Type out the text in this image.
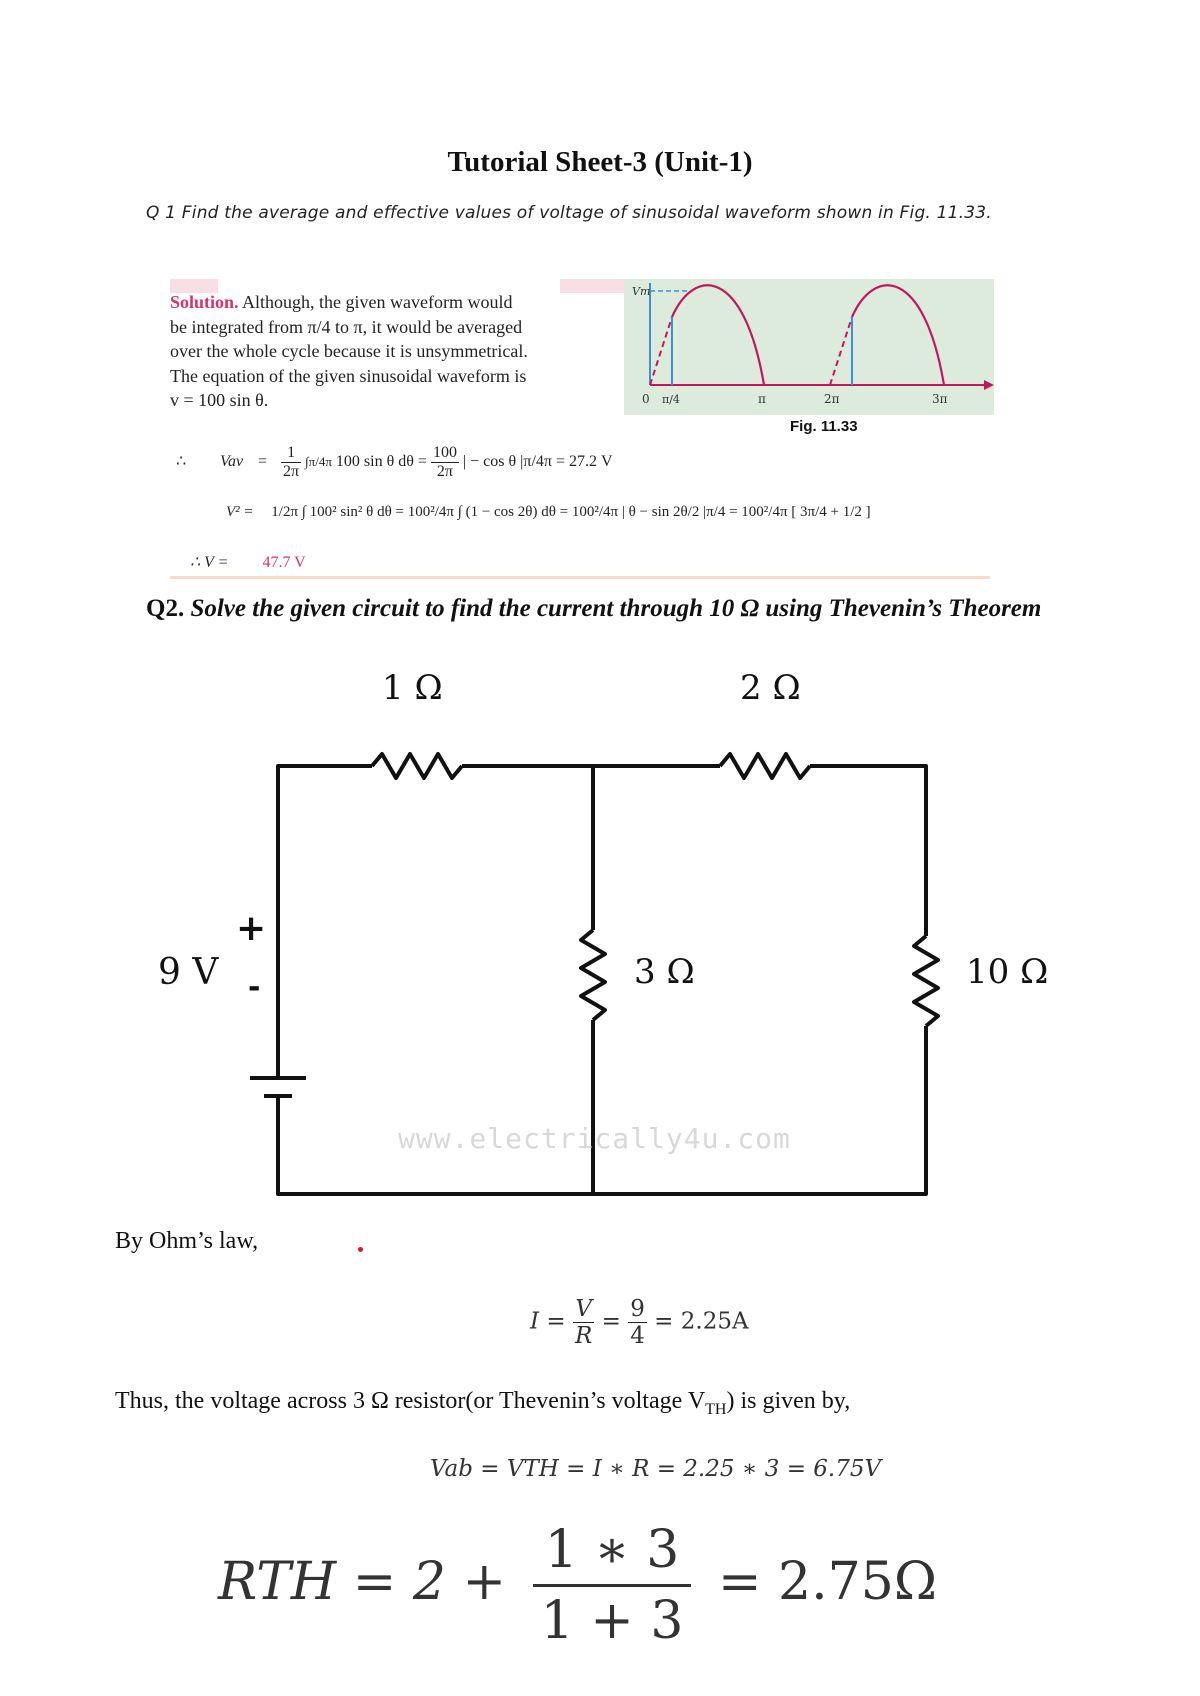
Tutorial Sheet-3 (Unit-1)
Q 1 Find the average and effective values of voltage of sinusoidal waveform shown in Fig. 11.33.
Solution. Although, the given waveform would
be integrated from π/4 to π, it would be averaged
over the whole cycle because it is unsymmetrical.
The equation of the given sinusoidal waveform is
v = 100 sin θ.
Vm
0 π/4	π	2π	3π
Fig. 11.33
∴ Vav = $\frac{1}{2\pi} \int\pi/4\pi$ 100 sin θ $d\theta = \frac{100}{2\pi}$ | − cos θ |π/4π = 27.2 V
V² = 1/2π ∫ 100² sin² θ dθ = 100²/4π ∫ (1 − cos 2θ) dθ = 100²/4π | θ − sin 2θ/2 |π/4 = 100²/4π [ 3π/4 + 1/2 ]
∴ V = 47.7 V
Q2. Solve the given circuit to find the current through 10 Ω using Thevenin’s Theorem
1 Ω	2 Ω
3 Ω	10 Ω
9 V
+
-
www.electrically4u.com
By Ohm’s law,
$I = \frac{V}{R} = \frac{9}{4} = 2.25A$
Thus, the voltage across 3 Ω resistor(or Thevenin’s voltage $V_{TH}$) is given by,
Vab = VTH = I ∗ R = 2.25 ∗ 3 = 6.75V
RTH = $2 + \frac{1 ∗ 3}{1 + 3} = 2.75\Omega$
